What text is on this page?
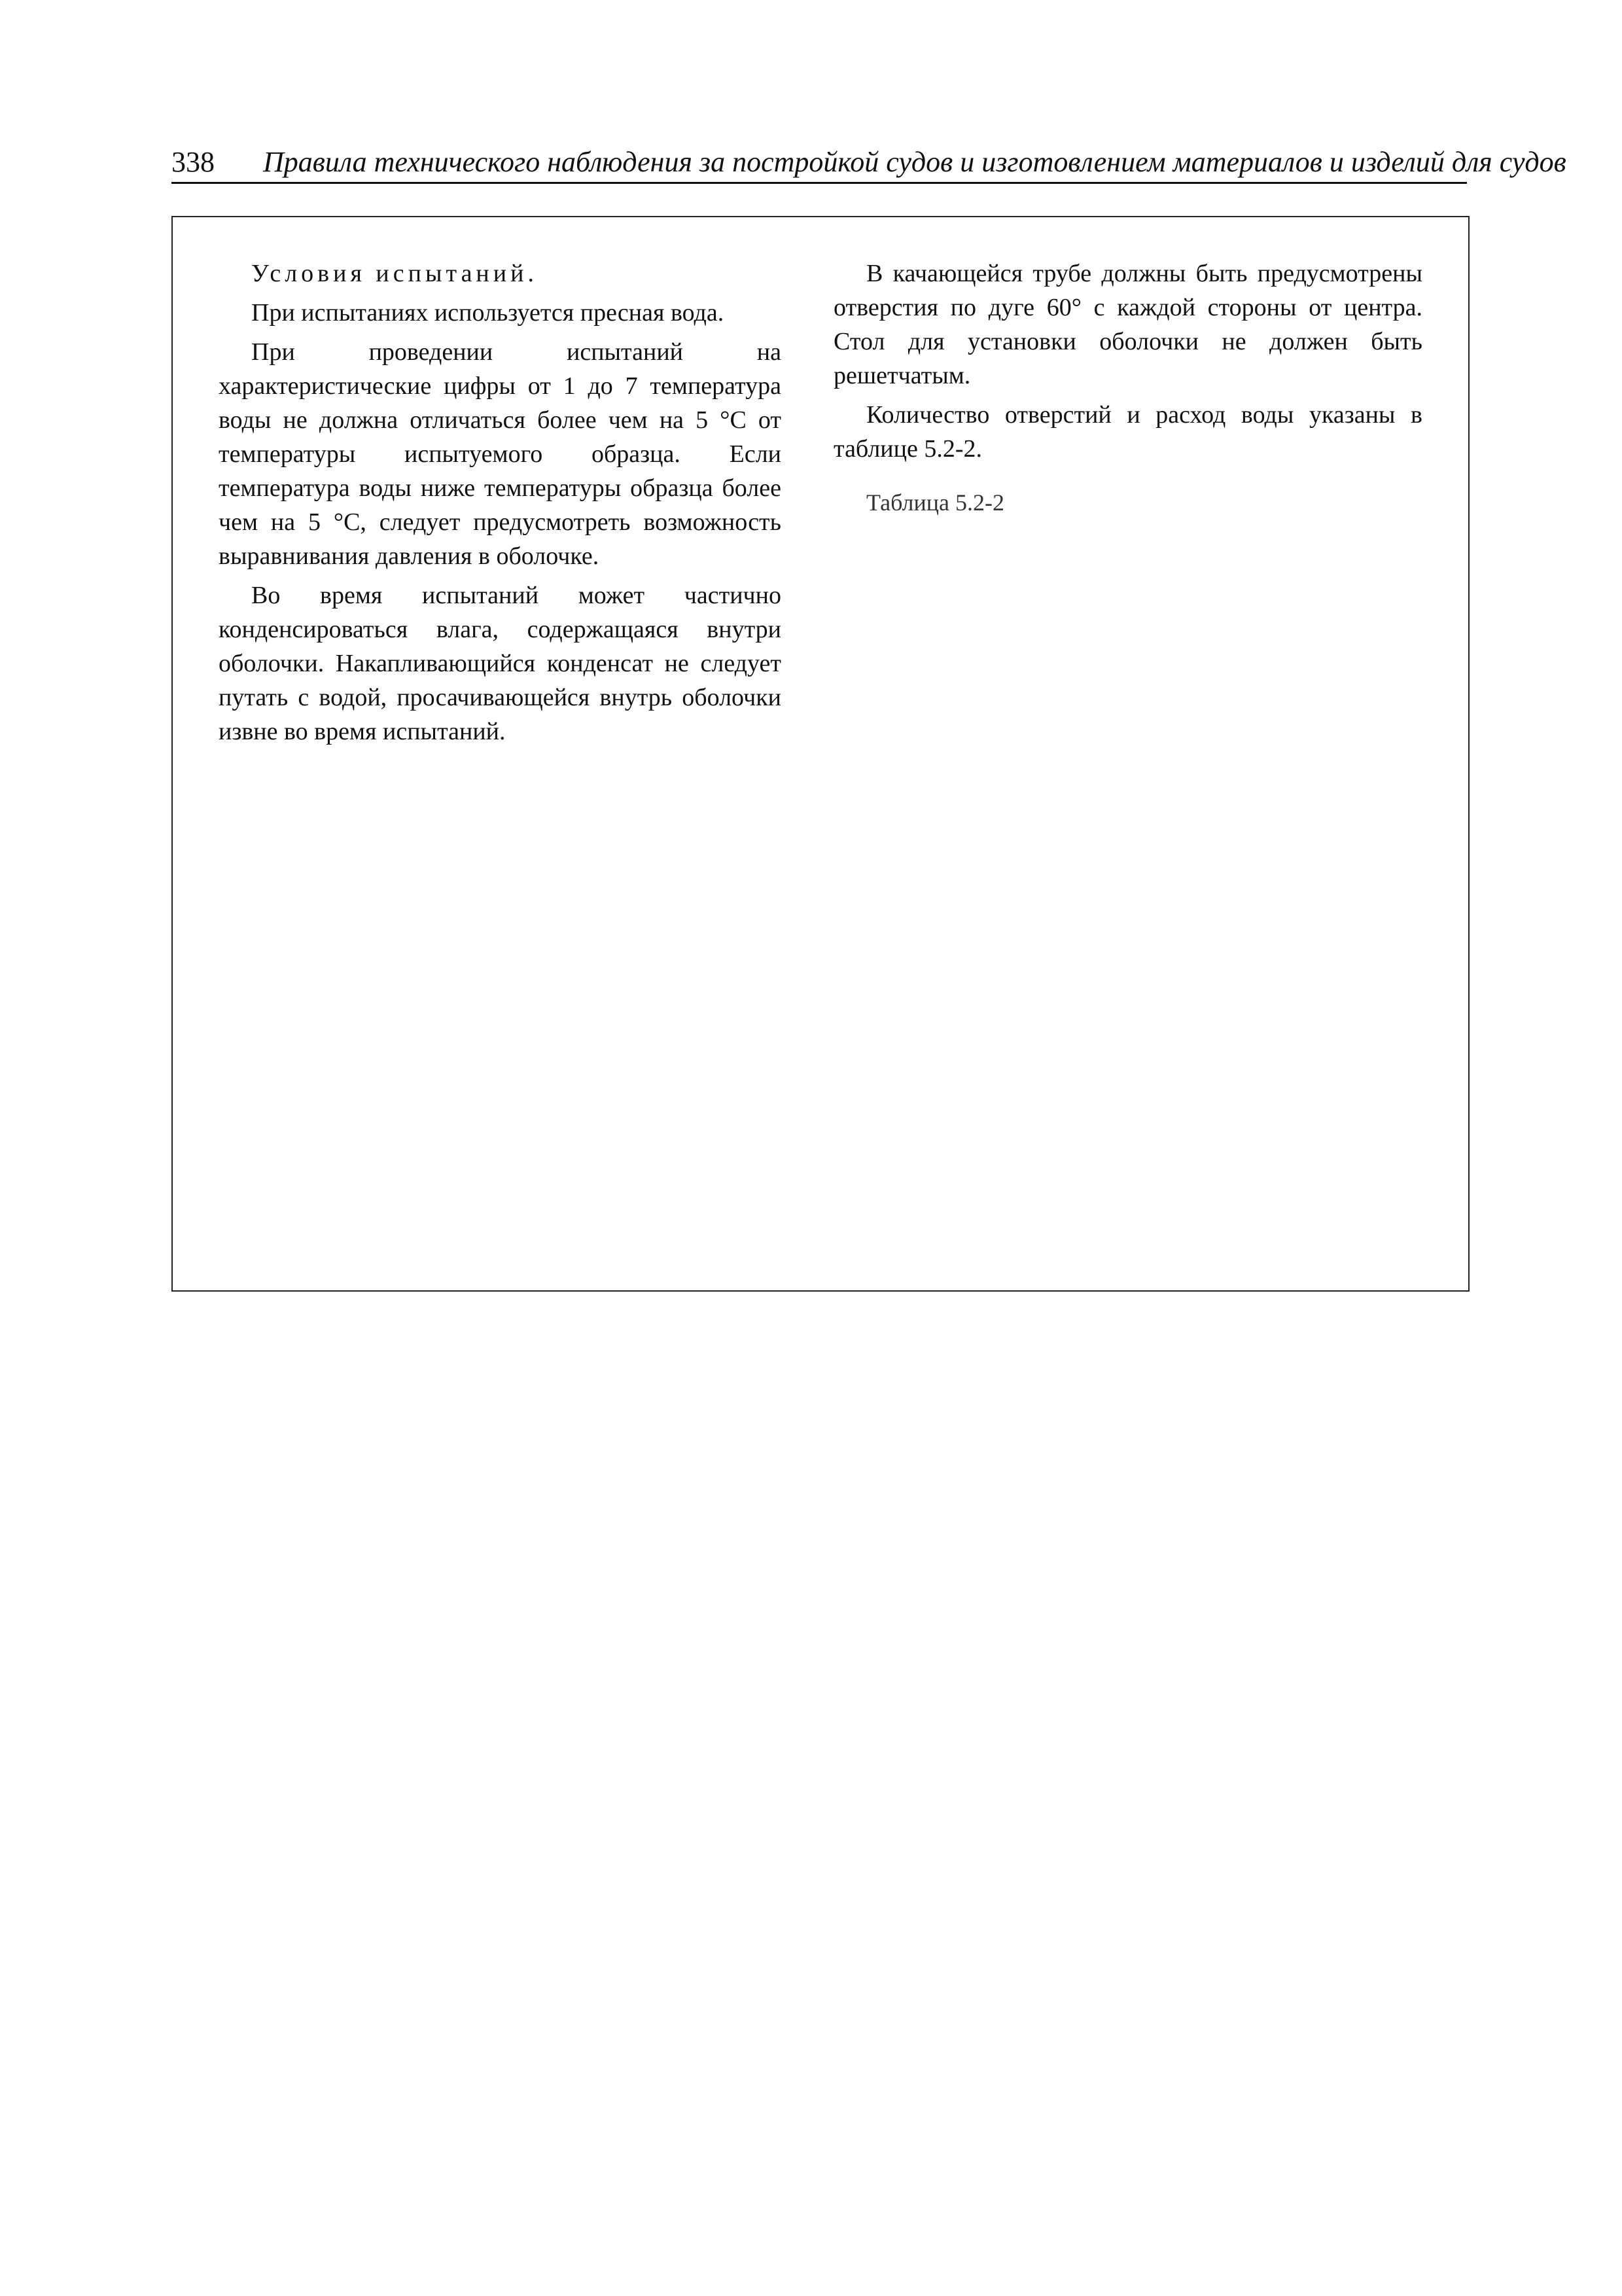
338 Правила технического наблюдения за постройкой судов и изготовлением материалов и изделий для судов

Условия испытаний.

При испытаниях используется пресная вода.

При проведении испытаний на характеристические цифры от 1 до 7 температура воды не должна отличаться более чем на 5 °C от температуры испытуемого образца. Если температура воды ниже температуры образца более чем на 5 °C, следует предусмотреть возможность выравнивания давления в оболочке.

Во время испытаний может частично конденсироваться влага, содержащаяся внутри оболочки. Накапливающийся конденсат не следует путать с водой, просачивающейся внутрь оболочки извне во время испытаний.

В качающейся трубе должны быть предусмотрены отверстия по дуге 60° с каждой стороны от центра. Стол для установки оболочки не должен быть решетчатым.

Количество отверстий и расход воды указаны в таблице 5.2-2.

Таблица 5.2-2
